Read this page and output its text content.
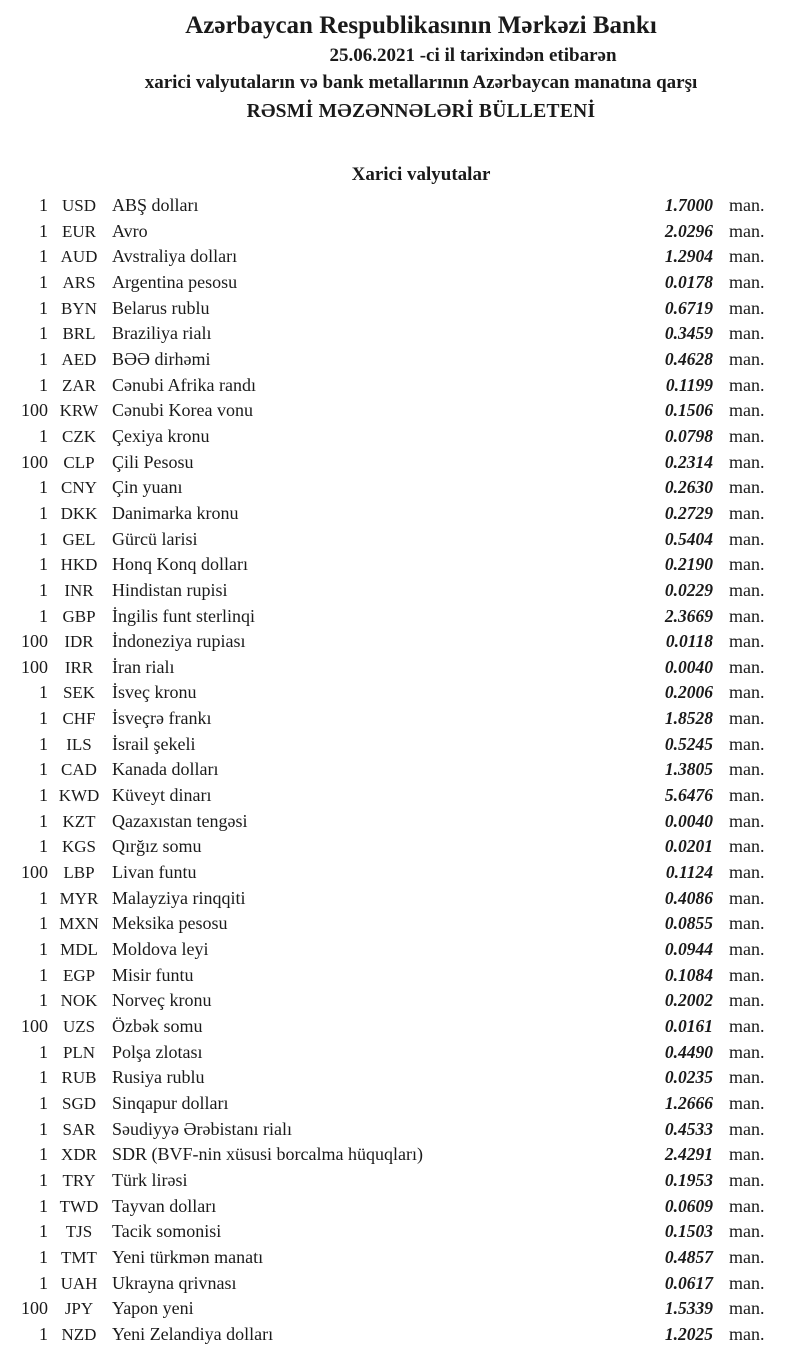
Azərbaycan Respublikasının Mərkəzi Bankı
25.06.2021 -ci il tarixindən etibarən
xarici valyutaların və bank metallarının Azərbaycan manatına qarşı
RƏSMİ MƏZƏNNƏLƏRİ BÜLLETENİ
Xarici valyutalar
1 USD ABŞ dolları	1.7000 man.
1 EUR Avro	2.0296 man.
1 AUD Avstraliya dolları	1.2904 man.
1 ARS Argentina pesosu	0.0178 man.
1 BYN Belarus rublu	0.6719 man.
1 BRL Braziliya rialı	0.3459 man.
1 AED BƏƏ dirhəmi	0.4628 man.
1 ZAR Cənubi Afrika randı	0.1199 man.
100 KRW Cənubi Korea vonu	0.1506 man.
1 CZK Çexiya kronu	0.0798 man.
100 CLP Çili Pesosu	0.2314 man.
1 CNY Çin yuanı	0.2630 man.
1 DKK Danimarka kronu	0.2729 man.
1 GEL Gürcü larisi	0.5404 man.
1 HKD Honq Konq dolları	0.2190 man.
1 INR	Hindistan rupisi	0.0229 man.
1 GBP İngilis funt sterlinqi	2.3669 man.
100 IDR	İndoneziya rupiası	0.0118 man.
100 IRR	İran rialı	0.0040 man.
1 SEK İsveç kronu	0.2006 man.
1 CHF İsveçrə frankı	1.8528 man.
1	ILS	İsrail şekeli	0.5245 man.
1 CAD Kanada dolları	1.3805 man.
1 KWD Küveyt dinarı	5.6476 man.
1 KZT Qazaxıstan tengəsi	0.0040 man.
1 KGS Qırğız somu	0.0201 man.
100 LBP Livan funtu	0.1124 man.
1 MYR Malayziya rinqqiti	0.4086 man.
1 MXN Meksika pesosu	0.0855 man.
1 MDL Moldova leyi	0.0944 man.
1 EGP Misir funtu	0.1084 man.
1 NOK Norveç kronu	0.2002 man.
100 UZS Özbək somu	0.0161 man.
1 PLN Polşa zlotası	0.4490 man.
1 RUB Rusiya rublu	0.0235 man.
1 SGD Sinqapur dolları	1.2666 man.
1 SAR Səudiyyə Ərəbistanı rialı	0.4533 man.
1 XDR SDR (BVF-nin xüsusi borcalma hüquqları)	2.4291 man.
1 TRY Türk lirəsi	0.1953 man.
1 TWD Tayvan dolları	0.0609 man.
1	TJS	Tacik somonisi	0.1503 man.
1 TMT Yeni türkmən manatı	0.4857 man.
1 UAH Ukrayna qrivnası	0.0617 man.
100 JPY	Yapon yeni	1.5339 man.
1 NZD Yeni Zelandiya dolları	1.2025 man.
